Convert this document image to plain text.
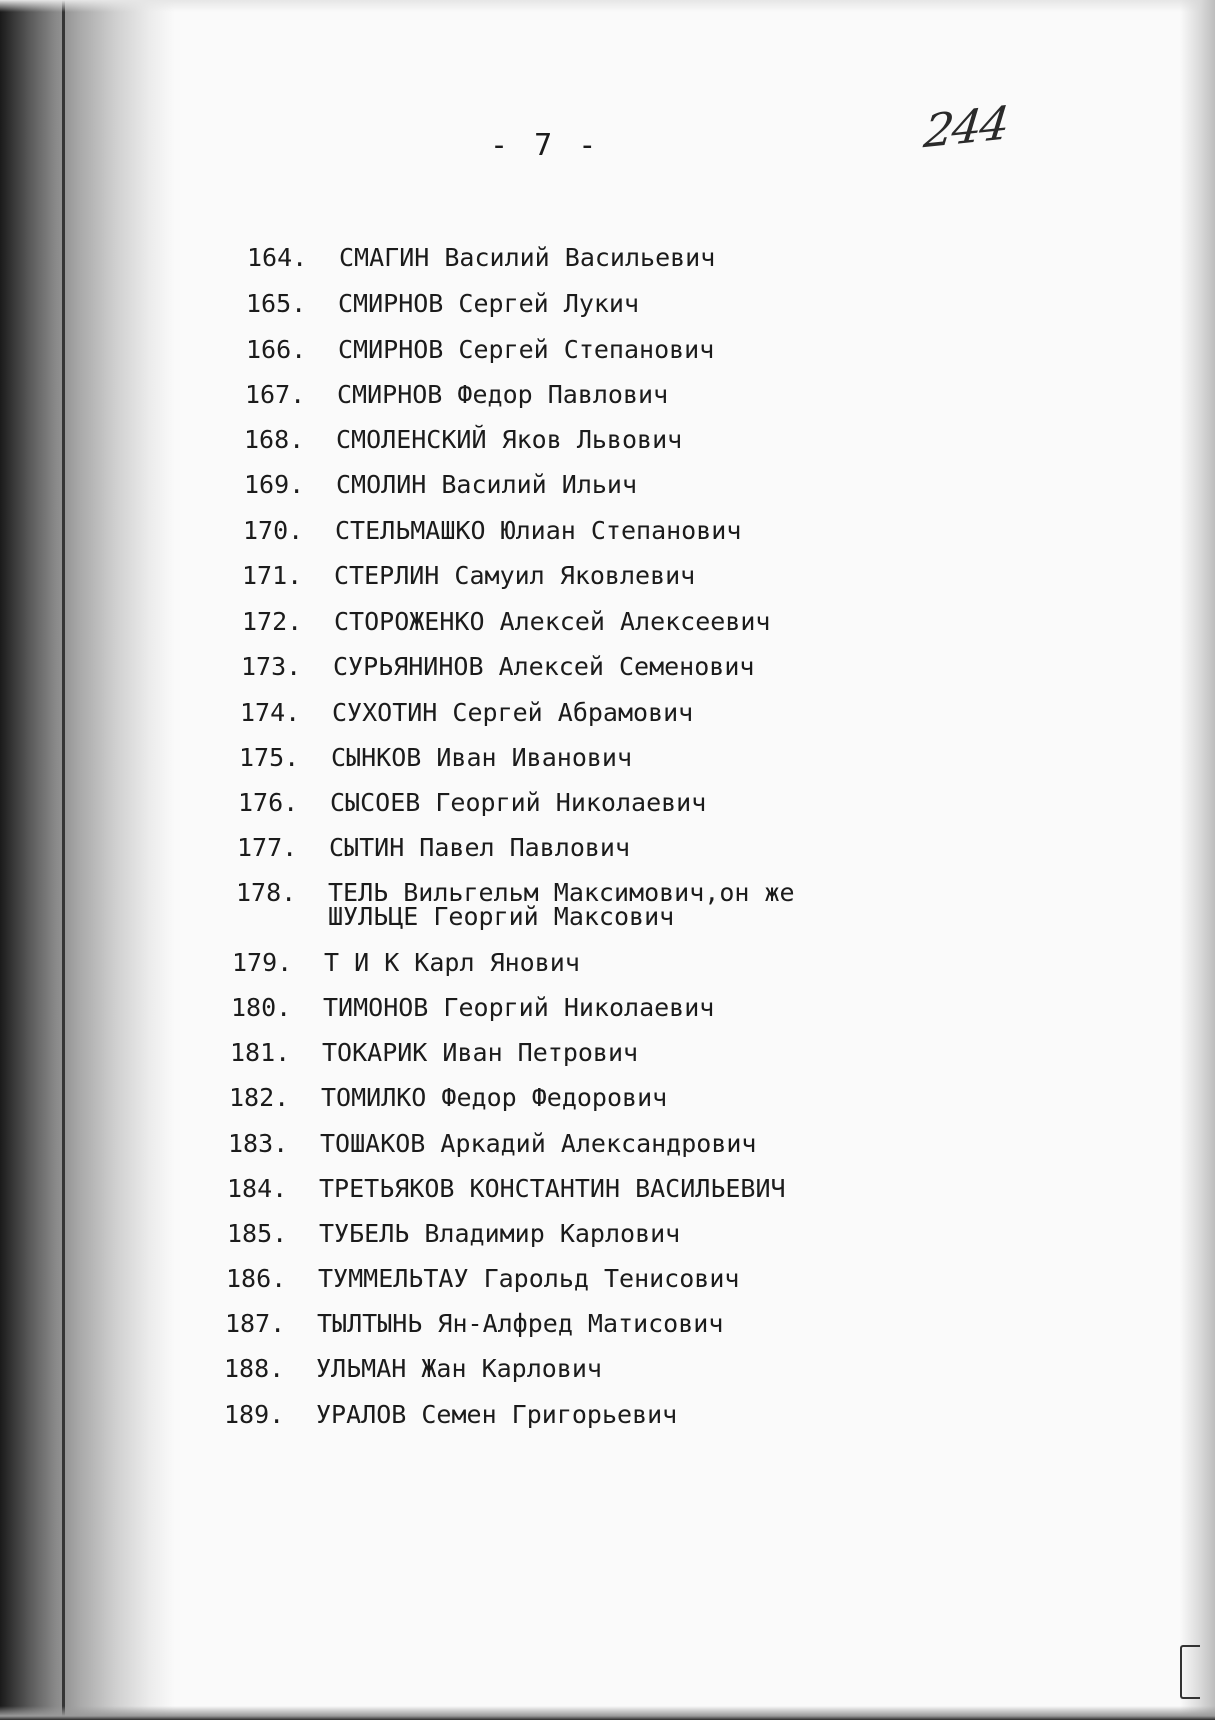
- 7 -	244
164. СМАГИН Василий Васильевич
165. СМИРНОВ Сергей Лукич
166. СМИРНОВ Сергей Степанович
167. СМИРНОВ Федор Павлович
168. СМОЛЕНСКИЙ Яков Львович
169. СМОЛИН Василий Ильич
170. СТЕЛЬМАШКО Юлиан Степанович
171. СТЕРЛИН Самуил Яковлевич
172. СТОРОЖЕНКО Алексей Алексеевич
173. СУРЬЯНИНОВ Алексей Семенович
174. СУХОТИН Сергей Абрамович
175. СЫНКОВ Иван Иванович
176. СЫСОЕВ Георгий Николаевич
177. СЫТИН Павел Павлович
178. ТЕЛЬ Вильгельм Максимович,он же
ШУЛЬЦЕ Георгий Максович
179. Т И К Карл Янович
180. ТИМОНОВ Георгий Николаевич
181. ТОКАРИК Иван Петрович
182. ТОМИЛКО Федор Федорович
183. ТОШАКОВ Аркадий Александрович
184. ТРЕТЬЯКОВ КОНСТАНТИН ВАСИЛЬЕВИЧ
185. ТУБЕЛЬ Владимир Карлович
186. ТУММЕЛЬТАУ Гарольд Тенисович
187. ТЫЛТЫНЬ Ян-Алфред Матисович
188. УЛЬМАН Жан Карлович
189. УРАЛОВ Семен Григорьевич
